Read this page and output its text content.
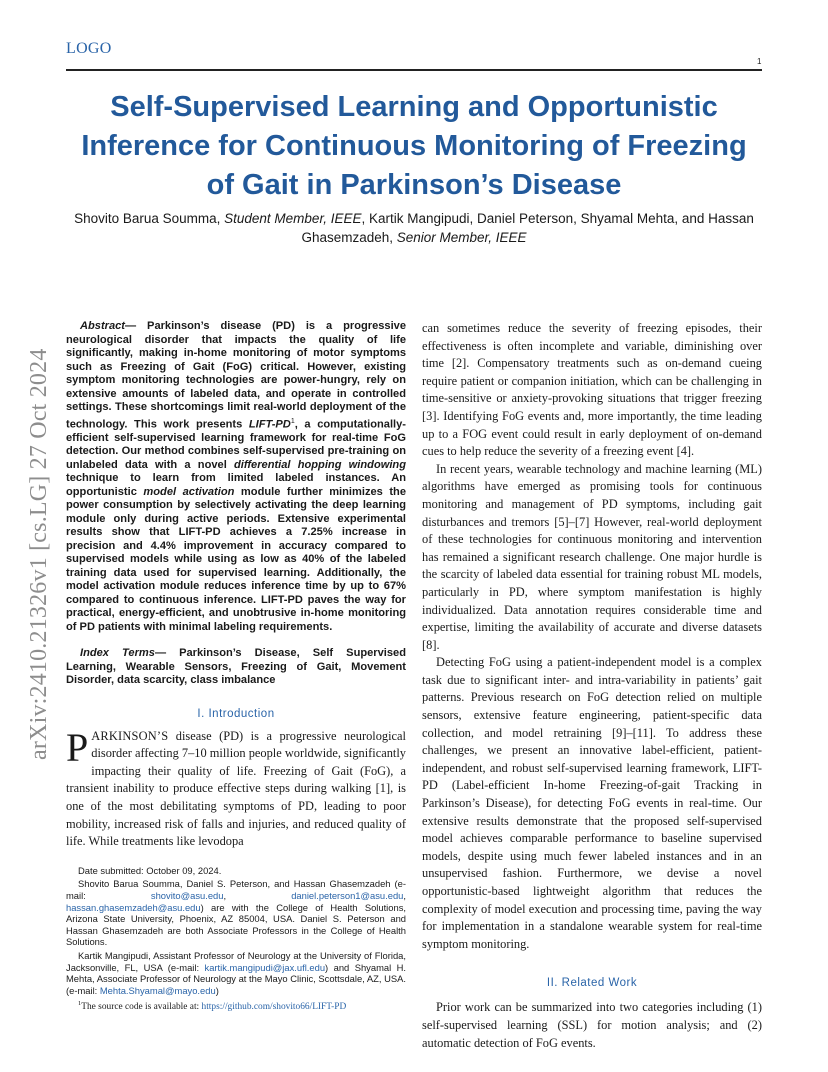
LOGO
1
arXiv:2410.21326v1 [cs.LG] 27 Oct 2024
Self-Supervised Learning and Opportunistic Inference for Continuous Monitoring of Freezing of Gait in Parkinson’s Disease
Shovito Barua Soumma, Student Member, IEEE, Kartik Mangipudi, Daniel Peterson, Shyamal Mehta, and Hassan Ghasemzadeh, Senior Member, IEEE
Abstract— Parkinson’s disease (PD) is a progressive neurological disorder that impacts the quality of life significantly, making in-home monitoring of motor symptoms such as Freezing of Gait (FoG) critical. However, existing symptom monitoring technologies are power-hungry, rely on extensive amounts of labeled data, and operate in controlled settings. These shortcomings limit real-world deployment of the technology. This work presents LIFT-$PD^1$, a computationally-efficient self-supervised learning framework for real-time FoG detection. Our method combines self-supervised pre-training on unlabeled data with a novel differential hopping windowing technique to learn from limited labeled instances. An opportunistic model activation module further minimizes the power consumption by selectively activating the deep learning module only during active periods. Extensive experimental results show that LIFT-PD achieves a 7.25% increase in precision and 4.4% improvement in accuracy compared to supervised models while using as low as 40% of the labeled training data used for supervised learning. Additionally, the model activation module reduces inference time by up to 67% compared to continuous inference. LIFT-PD paves the way for practical, energy-efficient, and unobtrusive in-home monitoring of PD patients with minimal labeling requirements.
Index Terms— Parkinson’s Disease, Self Supervised Learning, Wearable Sensors, Freezing of Gait, Movement Disorder, data scarcity, class imbalance
I. Introduction

PARKINSON’S disease (PD) is a progressive neurological disorder affecting 7–10 million people worldwide, significantly impacting their quality of life. Freezing of Gait (FoG), a transient inability to produce effective steps during walking [1], is one of the most debilitating symptoms of PD, leading to poor mobility, increased risk of falls and injuries, and reduced quality of life. While treatments like levodopa

Date submitted: October 09, 2024.

Shovito Barua Soumma, Daniel S. Peterson, and Hassan Ghasemzadeh (e-mail: shovito@asu.edu, daniel.peterson1@asu.edu, hassan.ghasemzadeh@asu.edu) are with the College of Health Solutions, Arizona State University, Phoenix, AZ 85004, USA. Daniel S. Peterson and Hassan Ghasemzadeh are both Associate Professors in the College of Health Solutions.

Kartik Mangipudi, Assistant Professor of Neurology at the University of Florida, Jacksonville, FL, USA (e-mail: kartik.mangipudi@jax.ufl.edu) and Shyamal H. Mehta, Associate Professor of Neurology at the Mayo Clinic, Scottsdale, AZ, USA. (e-mail: Mehta.Shyamal@mayo.edu)

$^1$The source code is available at: https://github.com/shovito66/LIFT-PD

can sometimes reduce the severity of freezing episodes, their effectiveness is often incomplete and variable, diminishing over time [2]. Compensatory treatments such as on-demand cueing require patient or companion initiation, which can be challenging in time-sensitive or anxiety-provoking situations that trigger freezing [3]. Identifying FoG events and, more importantly, the time leading up to a FOG event could result in early deployment of on-demand cues to help reduce the severity of a freezing event [4].

In recent years, wearable technology and machine learning (ML) algorithms have emerged as promising tools for continuous monitoring and management of PD symptoms, including gait disturbances and tremors [5]–[7] However, real-world deployment of these technologies for continuous monitoring and intervention has remained a significant research challenge. One major hurdle is the scarcity of labeled data essential for training robust ML models, particularly in PD, where symptom manifestation is highly individualized. Data annotation requires considerable time and expertise, limiting the availability of accurate and diverse datasets [8].

Detecting FoG using a patient-independent model is a complex task due to significant inter- and intra-variability in patients’ gait patterns. Previous research on FoG detection relied on multiple sensors, extensive feature engineering, patient-specific data collection, and model retraining [9]–[11]. To address these challenges, we present an innovative label-efficient, patient-independent, and robust self-supervised learning framework, LIFT-PD (Label-efficient In-home Freezing-of-gait Tracking in Parkinson’s Disease), for detecting FoG events in real-time. Our extensive results demonstrate that the proposed self-supervised model achieves comparable performance to baseline supervised models, despite using much fewer labeled instances and in an unsupervised fashion. Furthermore, we devise a novel opportunistic-based lightweight algorithm that reduces the complexity of model execution and processing time, paving the way for implementation in a standalone wearable system for real-time symptom monitoring.

II. Related Work

Prior work can be summarized into two categories including (1) self-supervised learning (SSL) for motion analysis; and (2) automatic detection of FoG events.
